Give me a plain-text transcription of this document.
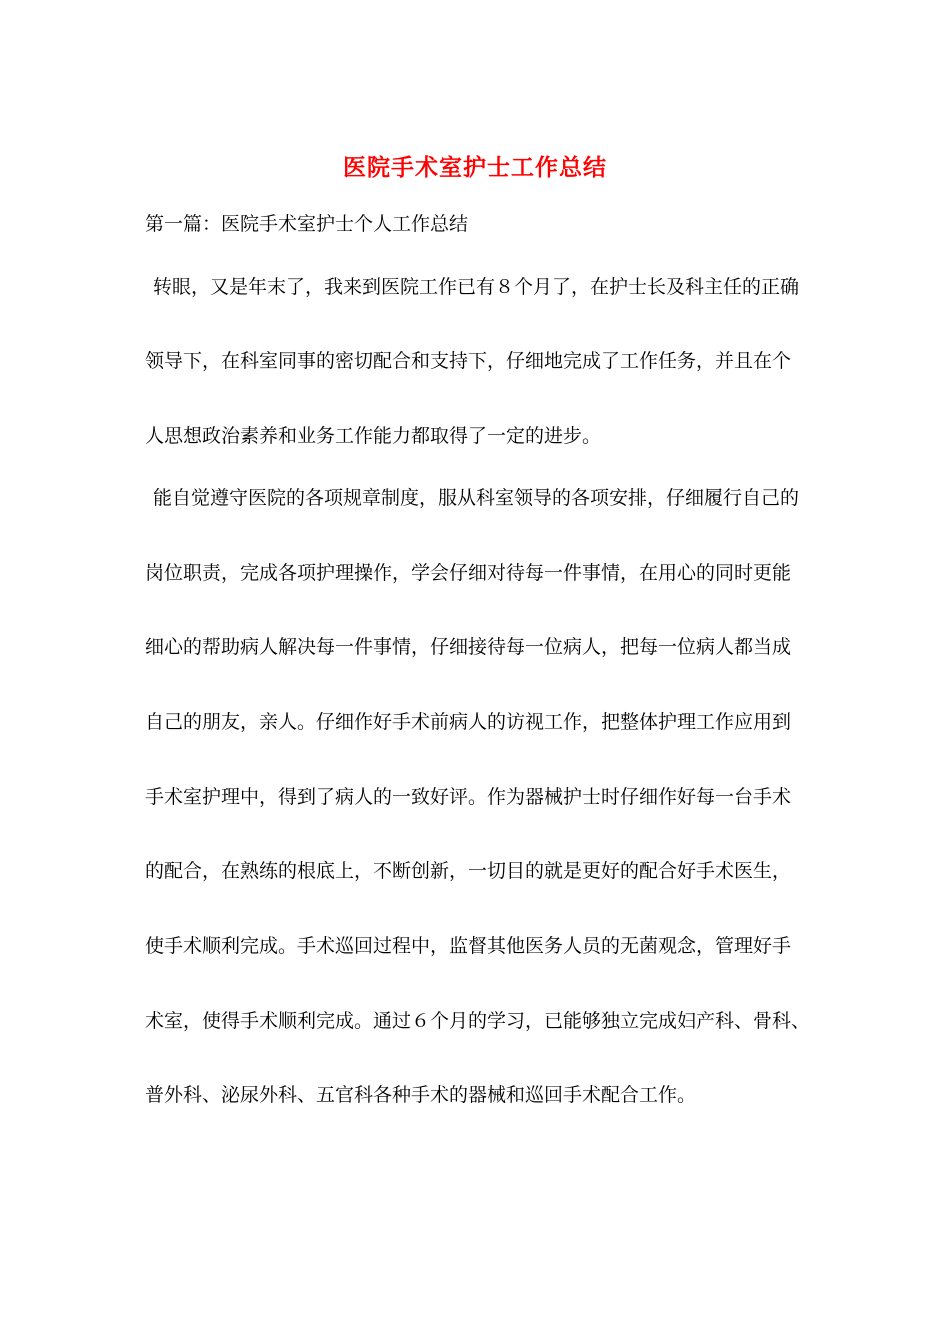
医院手术室护士工作总结

第一篇：医院手术室护士个人工作总结

转眼，又是年末了，我来到医院工作已有８个月了，在护士长及科主任的正确

领导下，在科室同事的密切配合和支持下，仔细地完成了工作任务，并且在个

人思想政治素养和业务工作能力都取得了一定的进步。

能自觉遵守医院的各项规章制度，服从科室领导的各项安排，仔细履行自己的

岗位职责，完成各项护理操作，学会仔细对待每一件事情，在用心的同时更能

细心的帮助病人解决每一件事情，仔细接待每一位病人，把每一位病人都当成

自己的朋友，亲人。仔细作好手术前病人的访视工作，把整体护理工作应用到

手术室护理中，得到了病人的一致好评。作为器械护士时仔细作好每一台手术

的配合，在熟练的根底上，不断创新，一切目的就是更好的配合好手术医生，

使手术顺利完成。手术巡回过程中，监督其他医务人员的无菌观念，管理好手

术室，使得手术顺利完成。通过６个月的学习，已能够独立完成妇产科、骨科、

普外科、泌尿外科、五官科各种手术的器械和巡回手术配合工作。
